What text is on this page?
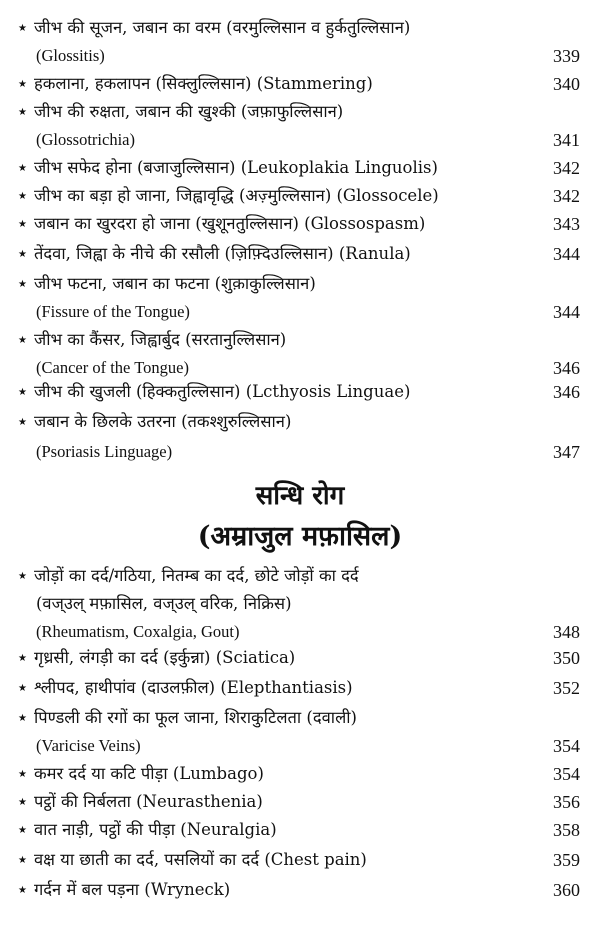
★ जीभ की सूजन, जबान का वरम (वरमुल्लिसान व हुर्कतुल्लिसान)
(Glossitis)	339
★ हकलाना, हकलापन (सिक्लुल्लिसान) (Stammering)	340
★ जीभ की रुक्षता, जबान की खुश्की (जफ़ाफुल्लिसान)
(Glossotrichia)	341
★ जीभ सफेद होना (बजाजुल्लिसान) (Leukoplakia Linguolis)	342
★ जीभ का बड़ा हो जाना, जिह्वावृद्धि (अज़्मुल्लिसान) (Glossocele)	342
★ जबान का खुरदरा हो जाना (खुशूनतुल्लिसान) (Glossospasm)	343
★ तेंदवा, जिह्वा के नीचे की रसौली (ज़िफ़्दिउल्लिसान) (Ranula)	344
★ जीभ फटना, जबान का फटना (शुक़ाकुल्लिसान)
(Fissure of the Tongue)	344
★ जीभ का कैंसर, जिह्वार्बुद (सरतानुल्लिसान)
(Cancer of the Tongue)	346
★ जीभ की खुजली (हिक्कतुल्लिसान) (Lcthyosis Linguae)	346
★ जबान के छिलके उतरना (तकश्शुरुल्लिसान)
(Psoriasis Linguage)	347
सन्धि रोग
(अम्राजुल मफ़ासिल)
★ जोड़ों का दर्द/गठिया, नितम्ब का दर्द, छोटे जोड़ों का दर्द
(वज्उल् मफ़ासिल, वज्उल् वरिक, निक्रिस)
(Rheumatism, Coxalgia, Gout)	348
★ गृध्रसी, लंगड़ी का दर्द (इर्कुन्ना) (Sciatica)	350
★ श्लीपद, हाथीपांव (दाउलफ़ील) (Elepthantiasis)	352
★ पिण्डली की रगों का फूल जाना, शिराकुटिलता (दवाली)
(Varicise Veins)	354
★ कमर दर्द या कटि पीड़ा (Lumbago)	354
★ पट्ठों की निर्बलता (Neurasthenia)	356
★ वात नाड़ी, पट्ठों की पीड़ा (Neuralgia)	358
★ वक्ष या छाती का दर्द, पसलियों का दर्द (Chest pain)	359
★ गर्दन में बल पड़ना (Wryneck)	360
